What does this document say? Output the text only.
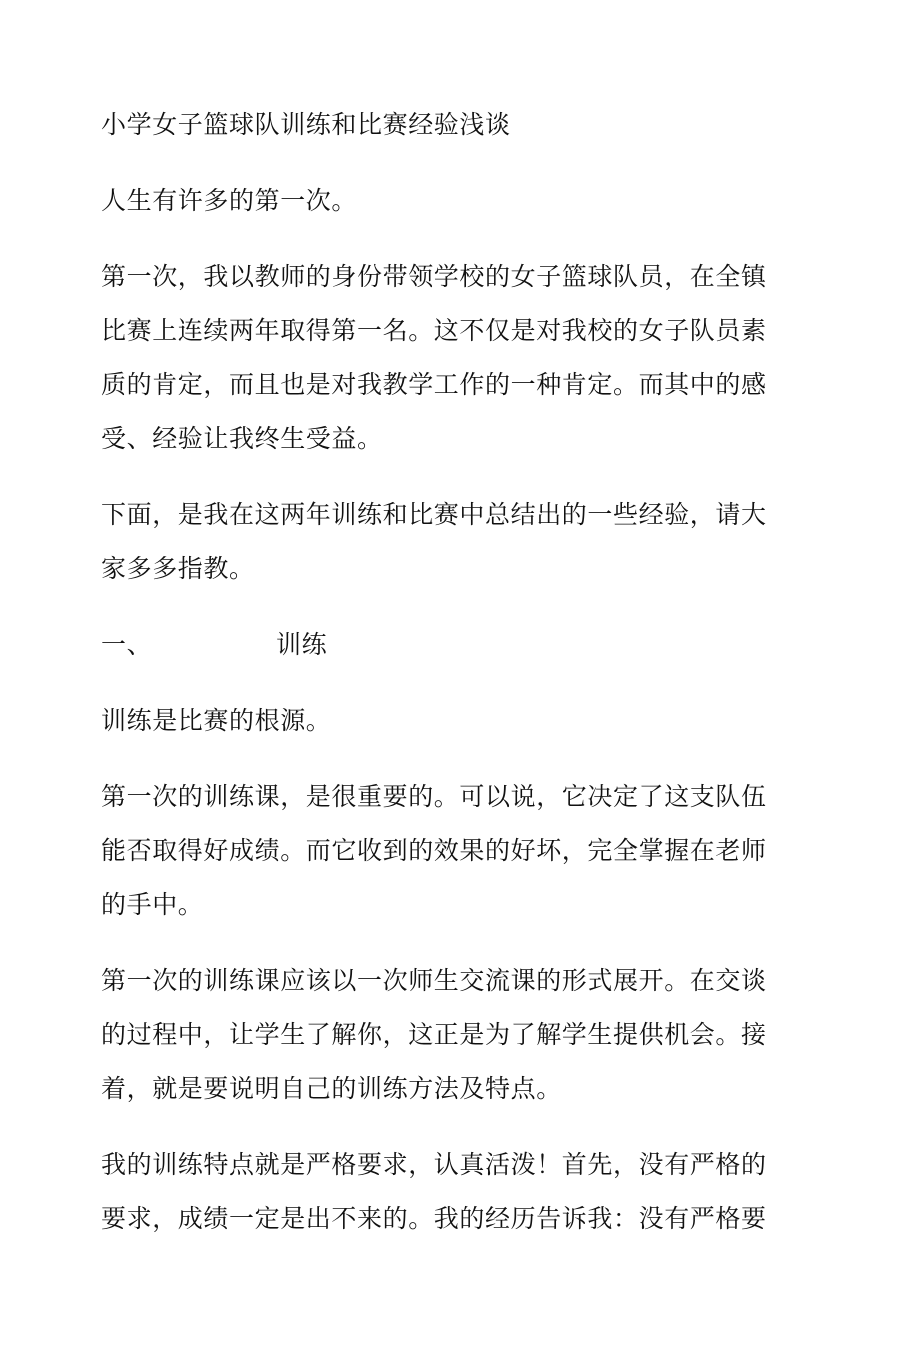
小学女子篮球队训练和比赛经验浅谈
人生有许多的第一次。
第一次，我以教师的身份带领学校的女子篮球队员，在全镇
比赛上连续两年取得第一名。这不仅是对我校的女子队员素
质的肯定，而且也是对我教学工作的一种肯定。而其中的感
受、经验让我终生受益。
下面，是我在这两年训练和比赛中总结出的一些经验，请大
家多多指教。
一、	训练
训练是比赛的根源。
第一次的训练课，是很重要的。可以说，它决定了这支队伍
能否取得好成绩。而它收到的效果的好坏，完全掌握在老师
的手中。
第一次的训练课应该以一次师生交流课的形式展开。在交谈
的过程中，让学生了解你，这正是为了解学生提供机会。接
着，就是要说明自己的训练方法及特点。
我的训练特点就是严格要求，认真活泼！首先，没有严格的
要求，成绩一定是出不来的。我的经历告诉我：没有严格要
